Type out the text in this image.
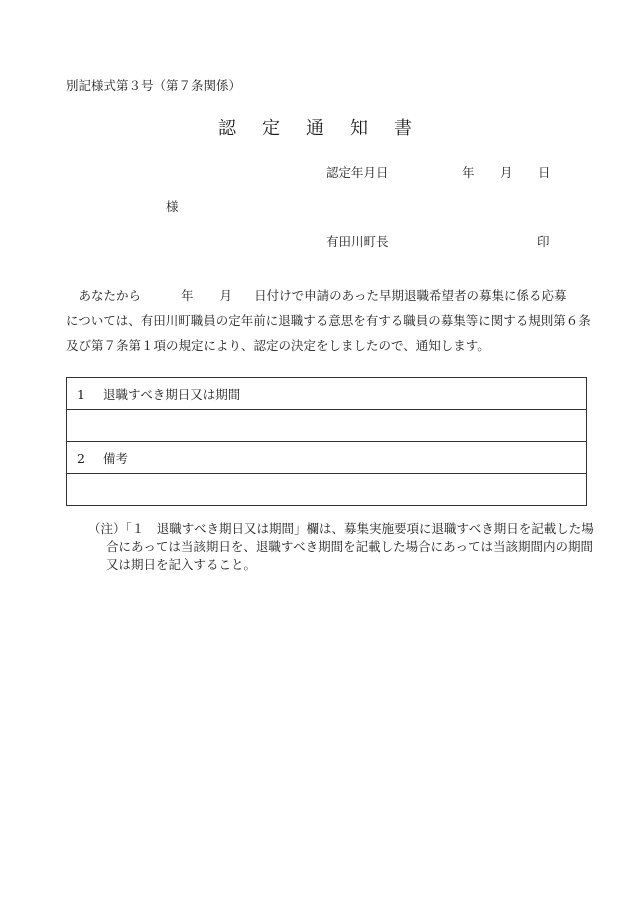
別記様式第３号（第７条関係）
認 定 通 知 書
認定年月日	年 月 日
様
有田川町長	印
　あなたから	年 月 日付けで申請のあった早期退職希望者の募集に係る応募
については、有田川町職員の定年前に退職する意思を有する職員の募集等に関する規則第６条
及び第７条第１項の規定により、認定の決定をしましたので、通知します。
1 退職すべき期日又は期間

2 備考

（注）「１　退職すべき期日又は期間」欄は、募集実施要項に退職すべき期日を記載した場
合にあっては当該期日を、退職すべき期間を記載した場合にあっては当該期間内の期間
又は期日を記入すること。
